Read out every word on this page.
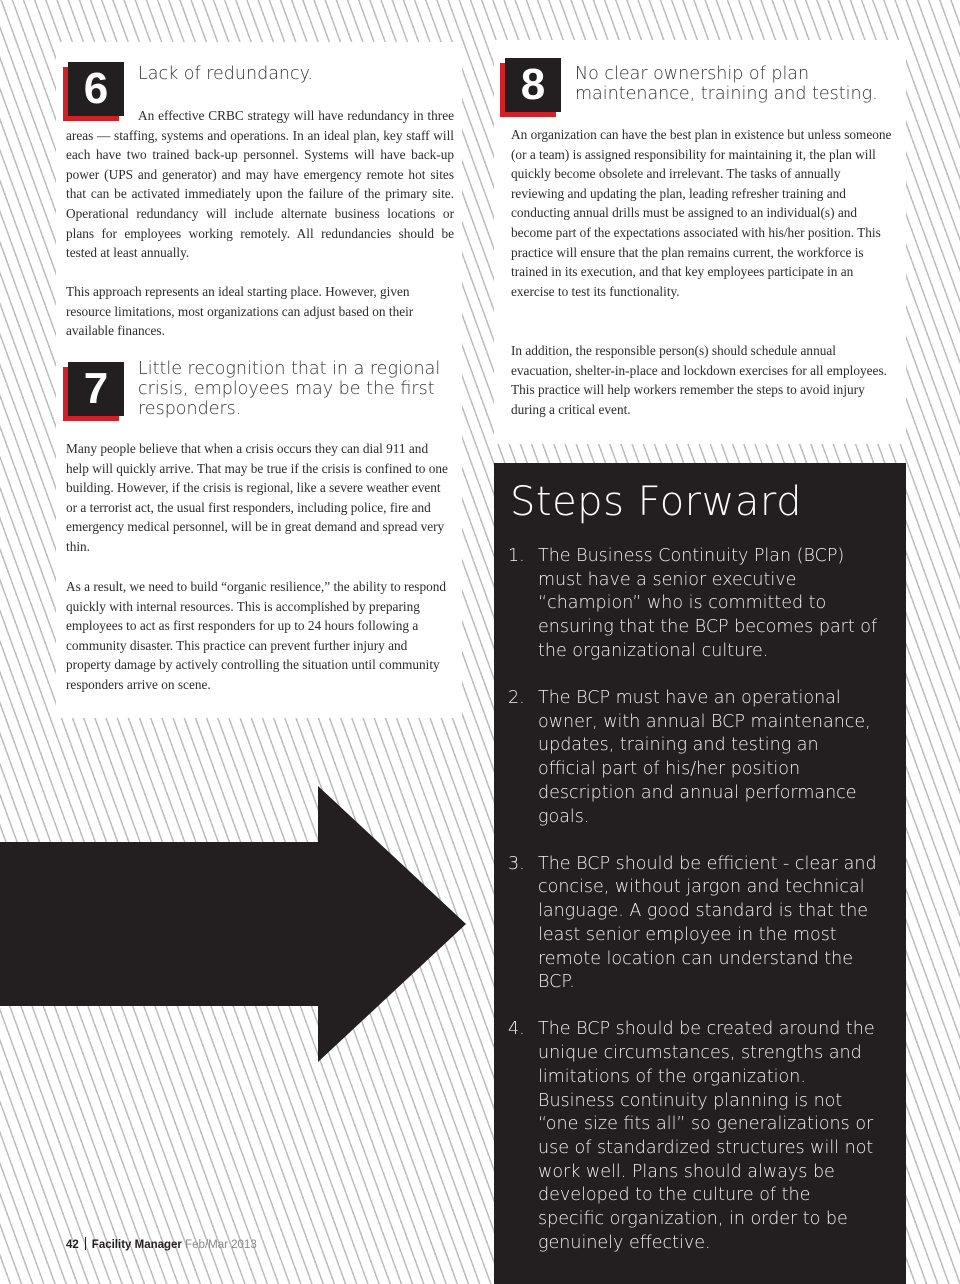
6	Lack of redundancy.

An effective CRBC strategy will have redundancy in three areas — staffing, systems and operations. In an ideal plan, key staff will each have two trained back-up personnel. Systems will have back-up power (UPS and generator) and may have emergency remote hot sites that can be activated immediately upon the failure of the primary site. Operational redundancy will include alternate business locations or plans for employees working remotely. All redundancies should be tested at least annually.

This approach represents an ideal starting place. However, given resource limitations, most organizations can adjust based on their available finances.

7	Little recognition that in a regional
crisis, employees may be the first
responders.

Many people believe that when a crisis occurs they can dial 911 and help will quickly arrive. That may be true if the crisis is confined to one building. However, if the crisis is regional, like a severe weather event or a terrorist act, the usual first responders, including police, fire and emergency medical personnel, will be in great demand and spread very thin.

As a result, we need to build “organic resilience,” the ability to respond quickly with internal resources. This is accomplished by preparing employees to act as first responders for up to 24 hours following a community disaster. This practice can prevent further injury and property damage by actively controlling the situation until community responders arrive on scene.

8	No clear ownership of plan
maintenance, training and testing.

An organization can have the best plan in existence but unless someone (or a team) is assigned responsibility for maintaining it, the plan will quickly become obsolete and irrelevant. The tasks of annually reviewing and updating the plan, leading refresher training and conducting annual drills must be assigned to an individual(s) and become part of the expectations associated with his/her position. This practice will ensure that the plan remains current, the workforce is trained in its execution, and that key employees participate in an exercise to test its functionality.

In addition, the responsible person(s) should schedule annual evacuation, shelter-in-place and lockdown exercises for all employees. This practice will help workers remember the steps to avoid injury during a critical event.

Steps Forward
1. The Business Continuity Plan (BCP) must have a senior executive “champion” who is committed to ensuring that the BCP becomes part of the organizational culture.
2. The BCP must have an operational owner, with annual BCP maintenance, updates, training and testing an official part of his/her position description and annual performance goals.
3. The BCP should be efficient - clear and concise, without jargon and technical language. A good standard is that the least senior employee in the most remote location can understand the BCP.
4. The BCP should be created around the unique circumstances, strengths and limitations of the organization. Business continuity planning is not “one size fits all” so generalizations or use of standardized structures will not work well. Plans should always be developed to the culture of the specific organization, in order to be genuinely effective.
42 Facility Manager Feb/Mar 2013
